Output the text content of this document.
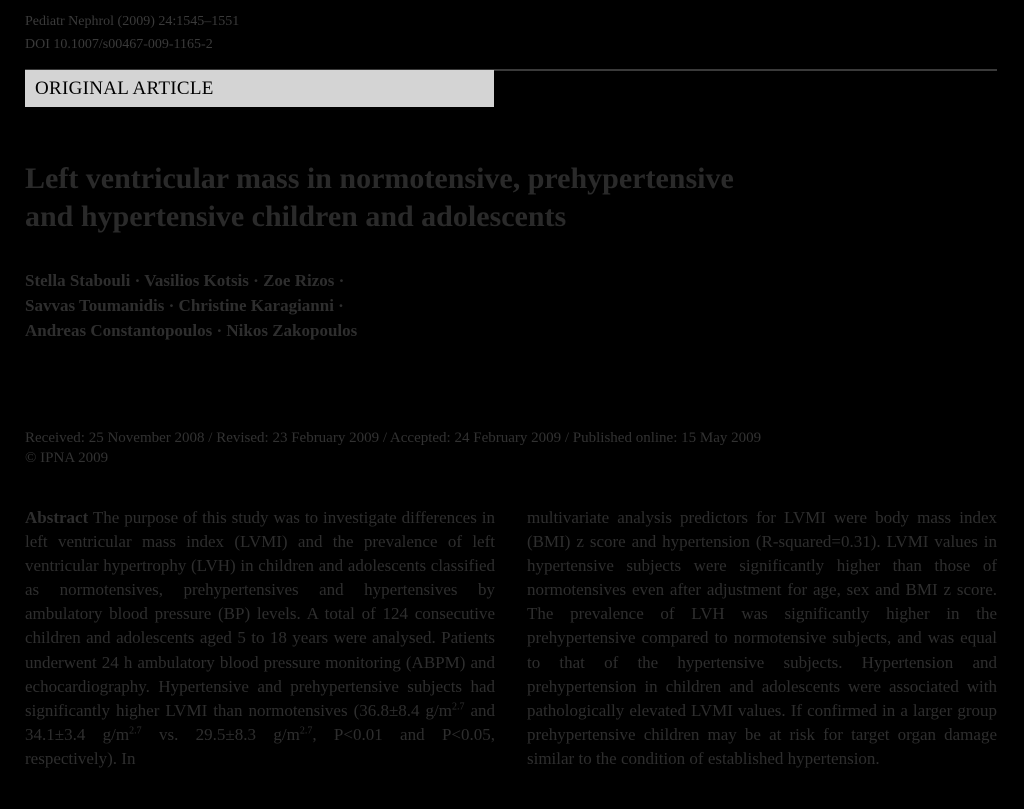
Pediatr Nephrol (2009) 24:1545–1551
DOI 10.1007/s00467-009-1165-2
ORIGINAL ARTICLE
Left ventricular mass in normotensive, prehypertensive
and hypertensive children and adolescents
Stella Stabouli · Vasilios Kotsis · Zoe Rizos ·
Savvas Toumanidis · Christine Karagianni ·
Andreas Constantopoulos · Nikos Zakopoulos
Received: 25 November 2008 / Revised: 23 February 2009 / Accepted: 24 February 2009 / Published online: 15 May 2009
© IPNA 2009
Abstract The purpose of this study was to investigate differences in left ventricular mass index (LVMI) and the prevalence of left ventricular hypertrophy (LVH) in children and adolescents classified as normotensives, prehypertensives and hypertensives by ambulatory blood pressure (BP) levels. A total of 124 consecutive children and adolescents aged 5 to 18 years were analysed. Patients underwent 24 h ambulatory blood pressure monitoring (ABPM) and echocardiography. Hypertensive and prehypertensive subjects had significantly higher LVMI than normotensives (36.8±8.4 $g/m^{2.7}$ and 34.1±3.4 $g/m^{2.7}$ vs. 29.5±8.3 $g/m^{2.7}$, P<0.01 and P<0.05, respectively). In
multivariate analysis predictors for LVMI were body mass index (BMI) z score and hypertension (R-squared=0.31). LVMI values in hypertensive subjects were significantly higher than those of normotensives even after adjustment for age, sex and BMI z score. The prevalence of LVH was significantly higher in the prehypertensive compared to normotensive subjects, and was equal to that of the hypertensive subjects. Hypertension and prehypertension in children and adolescents were associated with pathologically elevated LVMI values. If confirmed in a larger group prehypertensive children may be at risk for target organ damage similar to the condition of established hypertension.
